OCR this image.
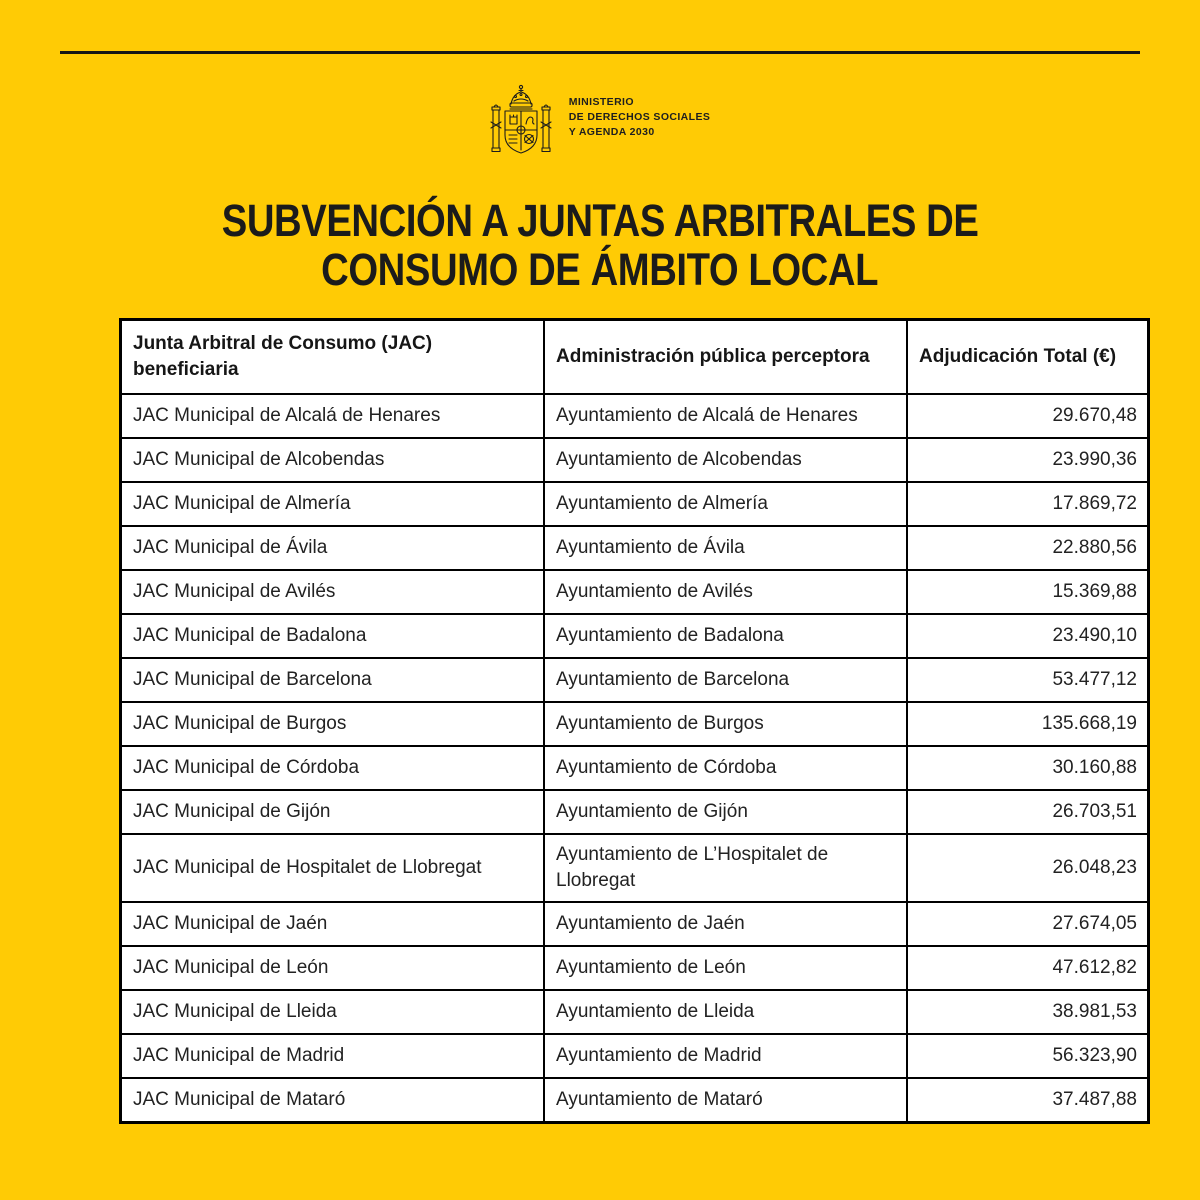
MINISTERIO
DE DERECHOS SOCIALES
Y AGENDA 2030
SUBVENCIÓN A JUNTAS ARBITRALES DE
CONSUMO DE ÁMBITO LOCAL
Junta Arbitral de Consumo (JAC) beneficiaria	Administración pública perceptora	Adjudicación Total (€)
JAC Municipal de Alcalá de Henares	Ayuntamiento de Alcalá de Henares	29.670,48
JAC Municipal de Alcobendas	Ayuntamiento de Alcobendas	23.990,36
JAC Municipal de Almería	Ayuntamiento de Almería	17.869,72
JAC Municipal de Ávila	Ayuntamiento de Ávila	22.880,56
JAC Municipal de Avilés	Ayuntamiento de Avilés	15.369,88
JAC Municipal de Badalona	Ayuntamiento de Badalona	23.490,10
JAC Municipal de Barcelona	Ayuntamiento de Barcelona	53.477,12
JAC Municipal de Burgos	Ayuntamiento de Burgos	135.668,19
JAC Municipal de Córdoba	Ayuntamiento de Córdoba	30.160,88
JAC Municipal de Gijón	Ayuntamiento de Gijón	26.703,51
JAC Municipal de Hospitalet de Llobregat	Ayuntamiento de L’Hospitalet de Llobregat	26.048,23
JAC Municipal de Jaén	Ayuntamiento de Jaén	27.674,05
JAC Municipal de León	Ayuntamiento de León	47.612,82
JAC Municipal de Lleida	Ayuntamiento de Lleida	38.981,53
JAC Municipal de Madrid	Ayuntamiento de Madrid	56.323,90
JAC Municipal de Mataró	Ayuntamiento de Mataró	37.487,88
